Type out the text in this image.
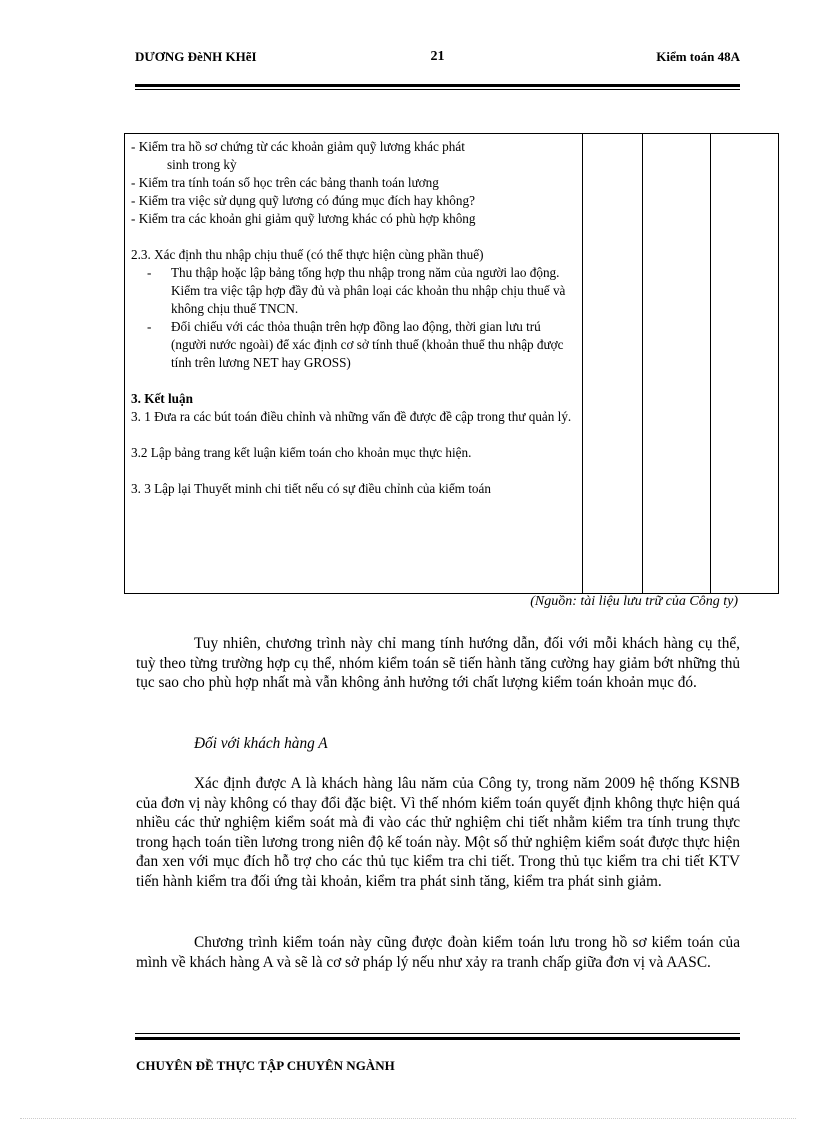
DƯƠNG ĐèNH KHẽI	21	Kiểm toán 48A

- Kiểm tra hồ sơ chứng từ các khoản giảm quỹ lương khác phát

sinh trong kỳ

- Kiểm tra tính toán số học trên các bảng thanh toán lương

- Kiểm tra việc sử dụng quỹ lương có đúng mục đích hay không?

- Kiểm tra các khoản ghi giảm quỹ lương khác có phù hợp không

2.3. Xác định thu nhập chịu thuế (có thể thực hiện cùng phần thuế)

-	Thu thập hoặc lập bảng tổng hợp thu nhập trong năm của người lao động. Kiểm tra việc tập hợp đầy đủ và phân loại các khoản thu nhập chịu thuế và không chịu thuế TNCN.
-	Đối chiếu với các thỏa thuận trên hợp đồng lao động, thời gian lưu trú (người nước ngoài) để xác định cơ sở tính thuế (khoản thuế thu nhập được tính trên lương NET hay GROSS)

3. Kết luận

3. 1 Đưa ra các bút toán điều chỉnh và những vấn đề được đề cập trong thư quản lý.

3.2 Lập bảng trang kết luận kiểm toán cho khoản mục thực hiện.

3. 3 Lập lại Thuyết minh chi tiết nếu có sự điều chỉnh của kiểm toán

(Nguồn: tài liệu lưu trữ của Công ty)

Tuy nhiên, chương trình này chỉ mang tính hướng dẫn, đối với mỗi khách hàng cụ thể, tuỳ theo từng trường hợp cụ thể, nhóm kiểm toán sẽ tiến hành tăng cường hay giảm bớt những thủ tục sao cho phù hợp nhất mà vẫn không ảnh hưởng tới chất lượng kiểm toán khoản mục đó.

Đối với khách hàng A

Xác định được A là khách hàng lâu năm của Công ty, trong năm 2009 hệ thống KSNB của đơn vị này không có thay đổi đặc biệt. Vì thế nhóm kiểm toán quyết định không thực hiện quá nhiều các thử nghiệm kiểm soát mà đi vào các thử nghiệm chi tiết nhằm kiểm tra tính trung thực trong hạch toán tiền lương trong niên độ kế toán này. Một số thử nghiệm kiểm soát được thực hiện đan xen với mục đích hỗ trợ cho các thủ tục kiểm tra chi tiết. Trong thủ tục kiểm tra chi tiết KTV tiến hành kiểm tra đối ứng tài khoản, kiểm tra phát sinh tăng, kiểm tra phát sinh giảm.

Chương trình kiểm toán này cũng được đoàn kiểm toán lưu trong hồ sơ kiểm toán của mình về khách hàng A và sẽ là cơ sở pháp lý nếu như xảy ra tranh chấp giữa đơn vị và AASC.

CHUYÊN ĐỀ THỰC TẬP CHUYÊN NGÀNH
